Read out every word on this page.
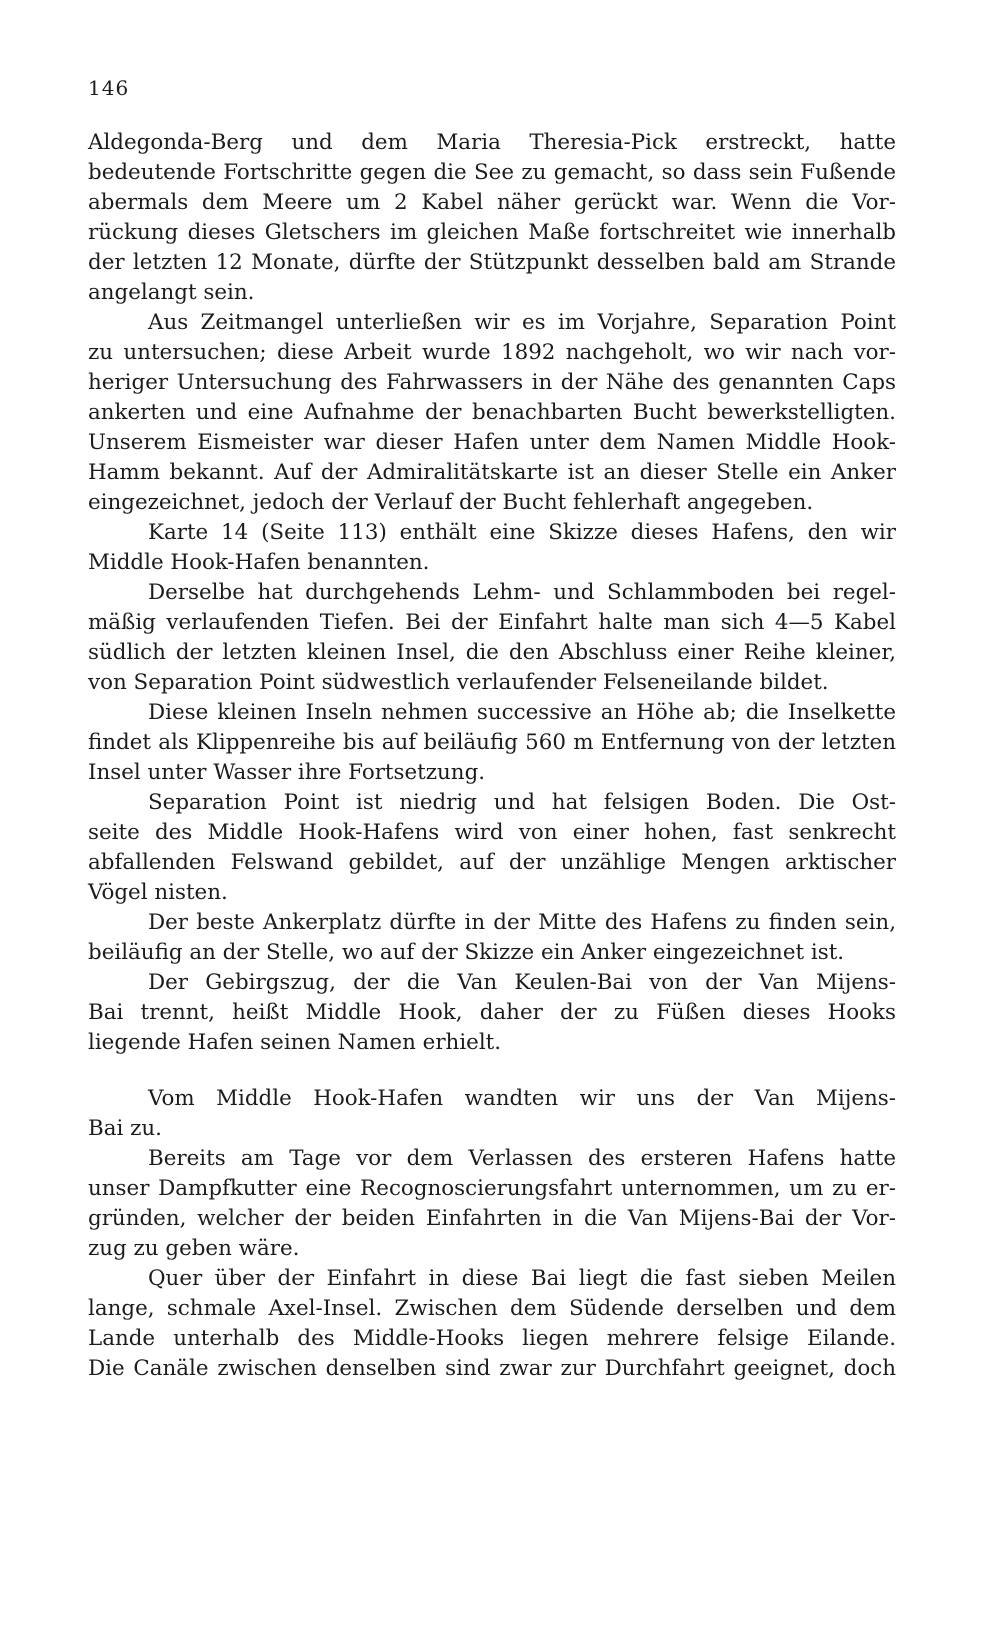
146
Aldegonda-Berg und dem Maria Theresia-Pick erstreckt, hatte
bedeutende Fortschritte gegen die See zu gemacht, so dass sein Fußende
abermals dem Meere um 2 Kabel näher gerückt war. Wenn die Vor-
rückung dieses Gletschers im gleichen Maße fortschreitet wie innerhalb
der letzten 12 Monate, dürfte der Stützpunkt desselben bald am Strande
angelangt sein.
Aus Zeitmangel unterließen wir es im Vorjahre, Separation Point
zu untersuchen; diese Arbeit wurde 1892 nachgeholt, wo wir nach vor-
heriger Untersuchung des Fahrwassers in der Nähe des genannten Caps
ankerten und eine Aufnahme der benachbarten Bucht bewerkstelligten.
Unserem Eismeister war dieser Hafen unter dem Namen Middle Hook-
Hamm bekannt. Auf der Admiralitätskarte ist an dieser Stelle ein Anker
eingezeichnet, jedoch der Verlauf der Bucht fehlerhaft angegeben.
Karte 14 (Seite 113) enthält eine Skizze dieses Hafens, den wir
Middle Hook-Hafen benannten.
Derselbe hat durchgehends Lehm- und Schlammboden bei regel-
mäßig verlaufenden Tiefen. Bei der Einfahrt halte man sich 4—5 Kabel
südlich der letzten kleinen Insel, die den Abschluss einer Reihe kleiner,
von Separation Point südwestlich verlaufender Felseneilande bildet.
Diese kleinen Inseln nehmen successive an Höhe ab; die Inselkette
findet als Klippenreihe bis auf beiläufig 560 m Entfernung von der letzten
Insel unter Wasser ihre Fortsetzung.
Separation Point ist niedrig und hat felsigen Boden. Die Ost-
seite des Middle Hook-Hafens wird von einer hohen, fast senkrecht
abfallenden Felswand gebildet, auf der unzählige Mengen arktischer
Vögel nisten.
Der beste Ankerplatz dürfte in der Mitte des Hafens zu finden sein,
beiläufig an der Stelle, wo auf der Skizze ein Anker eingezeichnet ist.
Der Gebirgszug, der die Van Keulen-Bai von der Van Mijens-
Bai trennt, heißt Middle Hook, daher der zu Füßen dieses Hooks
liegende Hafen seinen Namen erhielt.
Vom Middle Hook-Hafen wandten wir uns der Van Mijens-
Bai zu.
Bereits am Tage vor dem Verlassen des ersteren Hafens hatte
unser Dampfkutter eine Recognoscierungsfahrt unternommen, um zu er-
gründen, welcher der beiden Einfahrten in die Van Mijens-Bai der Vor-
zug zu geben wäre.
Quer über der Einfahrt in diese Bai liegt die fast sieben Meilen
lange, schmale Axel-Insel. Zwischen dem Südende derselben und dem
Lande unterhalb des Middle-Hooks liegen mehrere felsige Eilande.
Die Canäle zwischen denselben sind zwar zur Durchfahrt geeignet, doch
